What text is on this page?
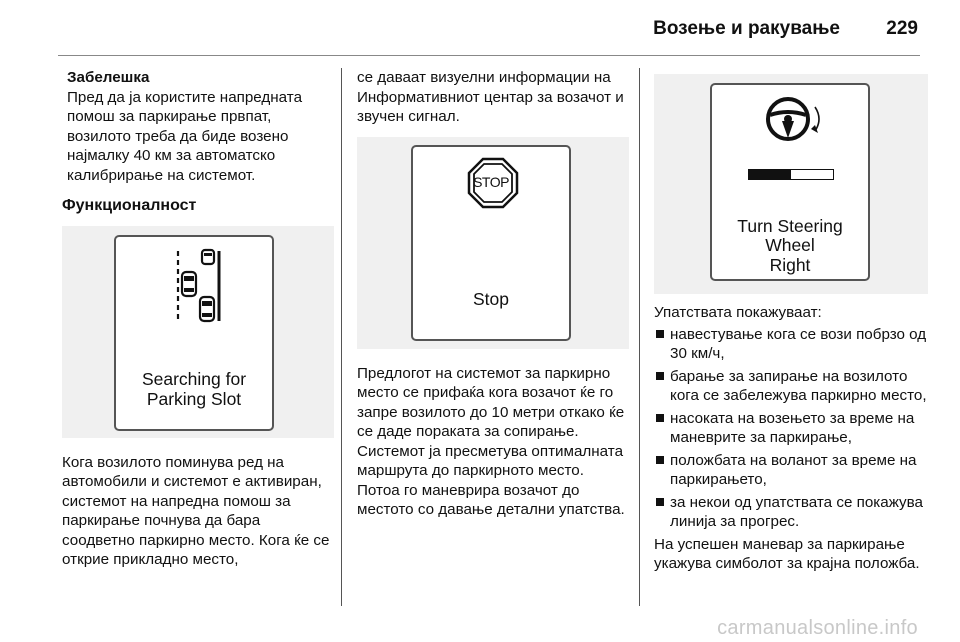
Возење и ракување 229
Забелешка
Пред да ја користите напредната помош за паркирање првпат, возилото треба да биде возено најмалку 40 км за автоматско калибрирање на системот.
Функционалност
Searching for
Parking Slot
Кога возилото поминува ред на автомобили и системот е активиран, системот на напредна помош за паркирање почнува да бара соодветно паркирно место. Кога ќе се открие прикладно место,
се даваат визуелни информации на Информативниот центар за возачот и звучен сигнал.
STOP
Stop
Предлогот на системот за паркирно место се прифаќа кога возачот ќе го запре возилото до 10 метри откако ќе се даде пораката за сопирање. Системот ја пресметува оптималната маршрута до паркирното место. Потоа го маневрира возачот до местото со давање детални упатства.
Turn Steering
Wheel
Right
Упатствата покажуваат:
навестување кога се вози побрзо од 30 км/ч,
барање за запирање на возилото кога се забележува паркирно место,
насоката на возењето за време на маневрите за паркирање,
положбата на воланот за време на паркирањето,
за некои од упатствата се покажува линија за прогрес.
На успешен маневар за паркирање укажува симболот за крајна положба.
carmanualsonline.info
